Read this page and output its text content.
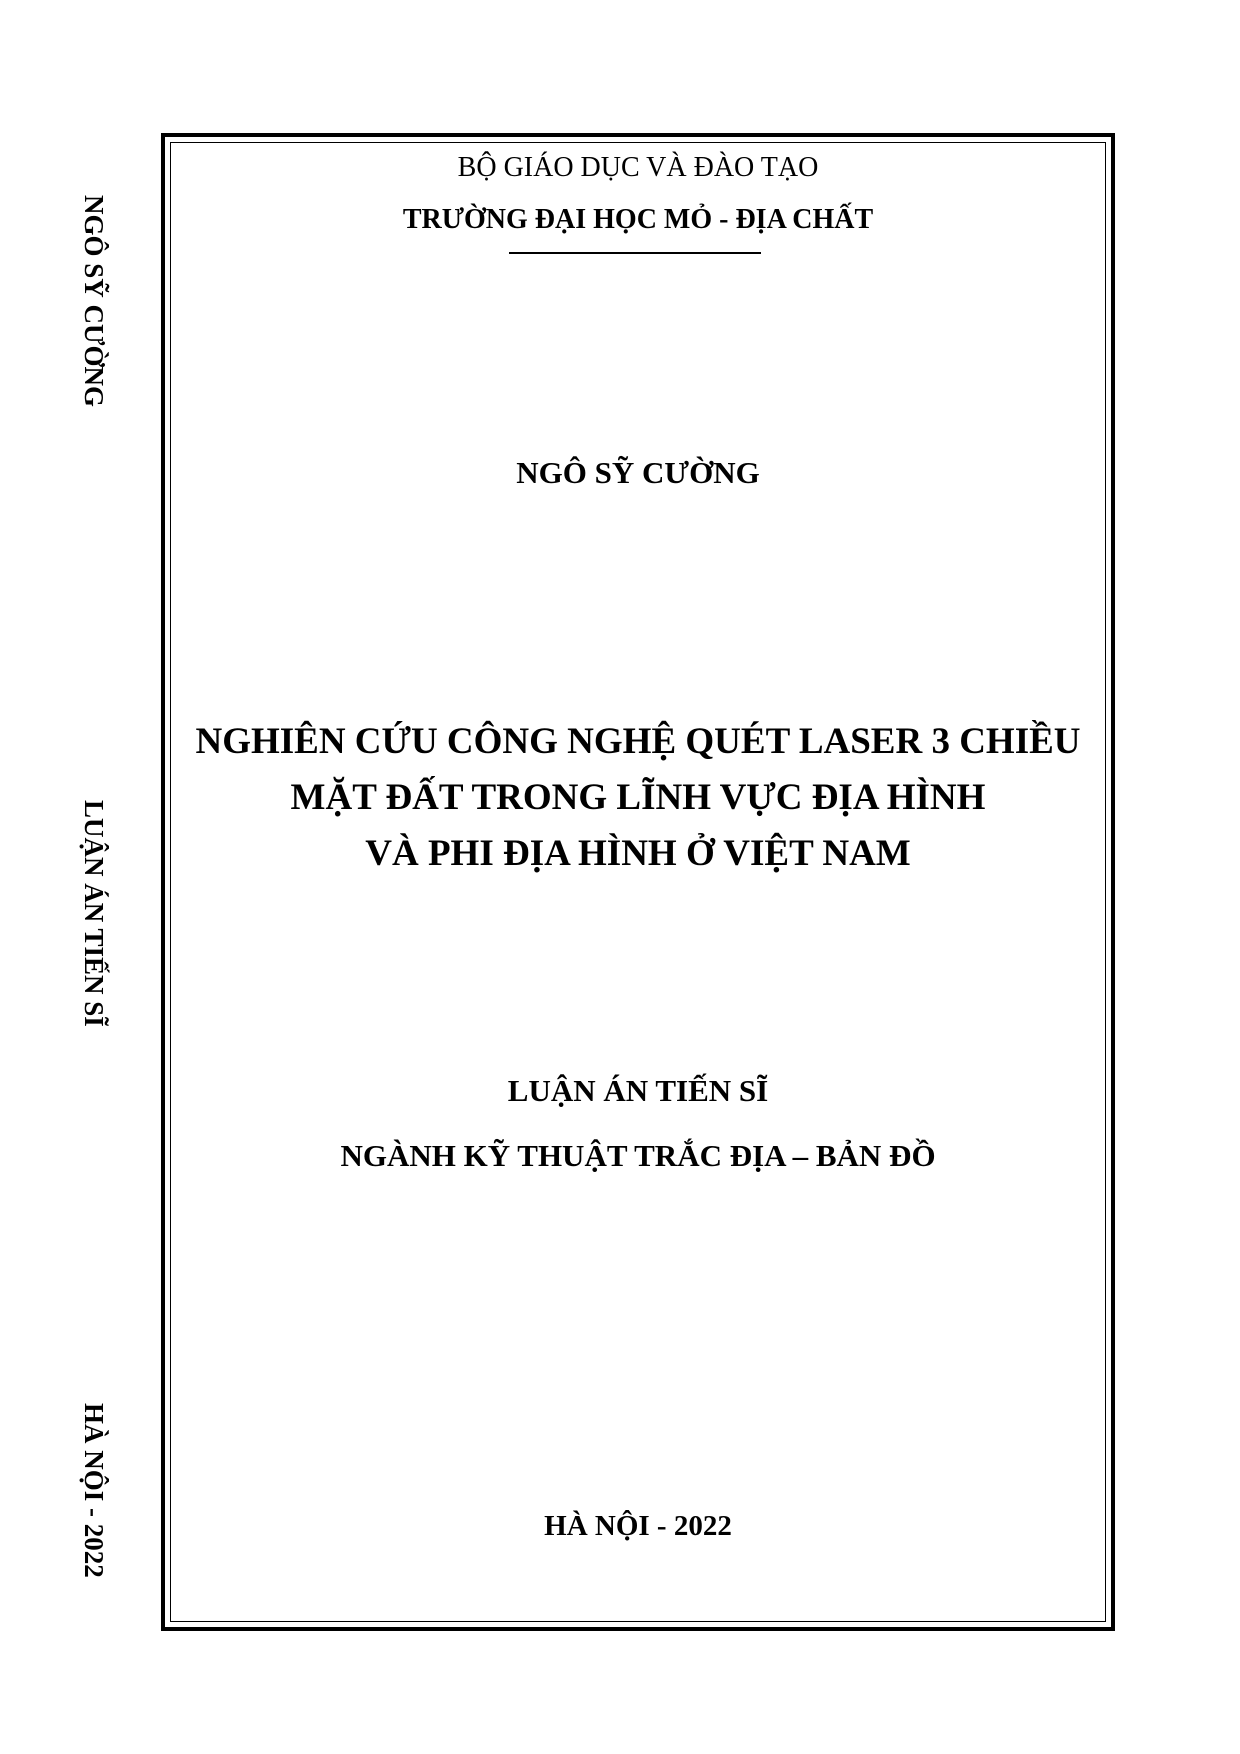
NGÔ SỸ CƯỜNG
LUẬN ÁN TIẾN SĨ
HÀ NỘI - 2022
BỘ GIÁO DỤC VÀ ĐÀO TẠO
TRƯỜNG ĐẠI HỌC MỎ - ĐỊA CHẤT
NGÔ SỸ CƯỜNG
NGHIÊN CỨU CÔNG NGHỆ QUÉT LASER 3 CHIỀU
MẶT ĐẤT TRONG LĨNH VỰC ĐỊA HÌNH
VÀ PHI ĐỊA HÌNH Ở VIỆT NAM
LUẬN ÁN TIẾN SĨ
NGÀNH KỸ THUẬT TRẮC ĐỊA – BẢN ĐỒ
HÀ NỘI - 2022
